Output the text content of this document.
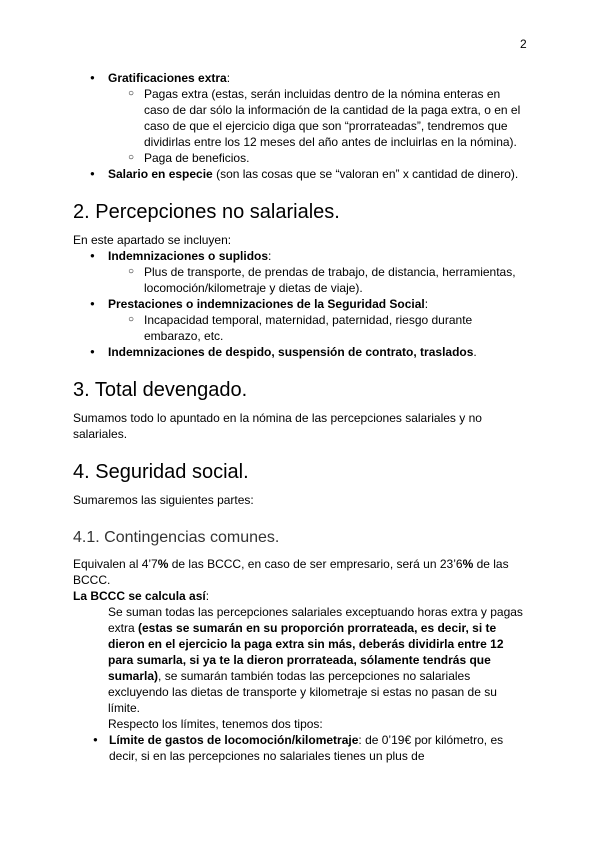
2
● Gratificaciones extra:
○ Pagas extra (estas, serán incluidas dentro de la nómina enteras en caso de dar sólo la información de la cantidad de la paga extra, o en el caso de que el ejercicio diga que son “prorrateadas”, tendremos que dividirlas entre los 12 meses del año antes de incluirlas en la nómina).
○ Paga de beneficios.
● Salario en especie (son las cosas que se “valoran en” x cantidad de dinero).
2. Percepciones no salariales.

En este apartado se incluyen:

● Indemnizaciones o suplidos:
○ Plus de transporte, de prendas de trabajo, de distancia, herramientas, locomoción/kilometraje y dietas de viaje).
● Prestaciones o indemnizaciones de la Seguridad Social:
○ Incapacidad temporal, maternidad, paternidad, riesgo durante embarazo, etc.
● Indemnizaciones de despido, suspensión de contrato, traslados.
3. Total devengado.

Sumamos todo lo apuntado en la nómina de las percepciones salariales y no salariales.

4. Seguridad social.

Sumaremos las siguientes partes:

4.1. Contingencias comunes.

Equivalen al 4’7% de las BCCC, en caso de ser empresario, será un 23’6% de las BCCC.

La BCCC se calcula así:

Se suman todas las percepciones salariales exceptuando horas extra y pagas extra (estas se sumarán en su proporción prorrateada, es decir, si te dieron en el ejercicio la paga extra sin más, deberás dividirla entre 12 para sumarla, si ya te la dieron prorrateada, sólamente tendrás que sumarla), se sumarán también todas las percepciones no salariales excluyendo las dietas de transporte y kilometraje si estas no pasan de su límite.

Respecto los límites, tenemos dos tipos:

● Límite de gastos de locomoción/kilometraje: de 0’19€ por kilómetro, es decir, si en las percepciones no salariales tienes un plus de
